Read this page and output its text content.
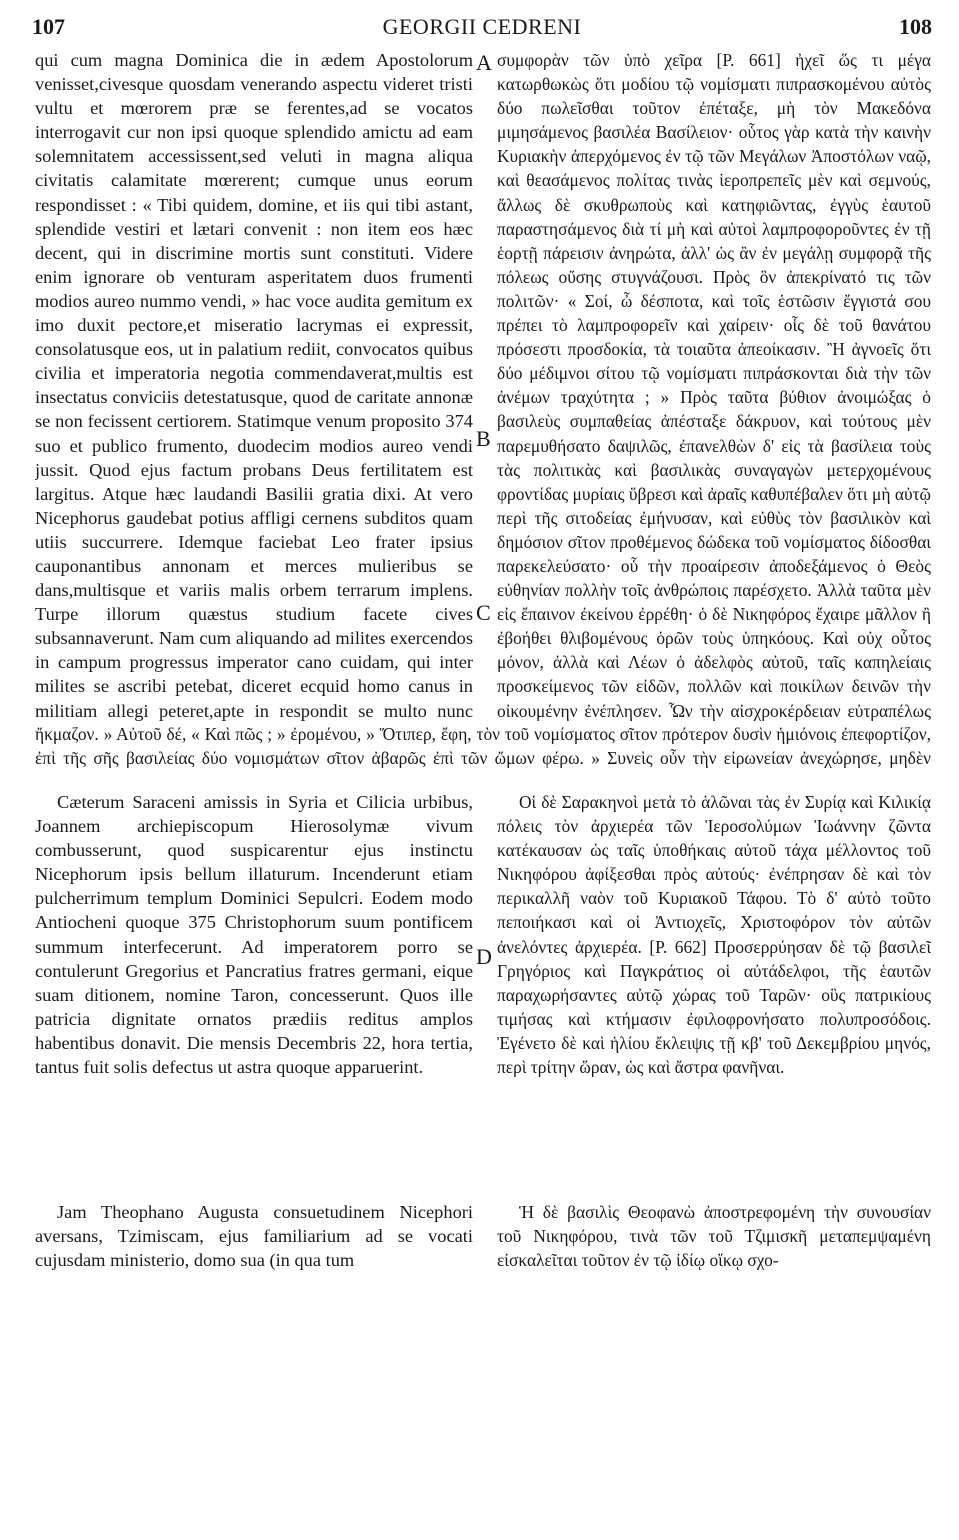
107	GEORGII CEDRENI	108
A
B
C
D

qui cum magna Dominica die in ædem Apostolorum venisset,civesque quosdam venerando aspectu videret tristi vultu et mœrorem præ se ferentes,ad se vocatos interrogavit cur non ipsi quoque splendido amictu ad eam solemnitatem accessissent,sed veluti in magna aliqua civitatis calamitate mœrerent; cumque unus eorum respondisset : « Tibi quidem, domine, et iis qui tibi astant, splendide vestiri et lætari convenit : non item eos hæc decent, qui in discrimine mortis sunt constituti. Videre enim ignorare ob venturam asperitatem duos frumenti modios aureo nummo vendi, » hac voce audita gemitum ex imo duxit pectore,et miseratio lacrymas ei expressit, consolatusque eos, ut in palatium rediit, convocatos quibus civilia et imperatoria negotia commendaverat,multis est insectatus conviciis detestatusque, quod de caritate annonæ se non fecissent certiorem. Statimque venum proposito 374 suo et publico frumento, duodecim modios aureo vendi jussit. Quod ejus factum probans Deus fertilitatem est largitus. Atque hæc laudandi Basilii gratia dixi. At vero Nicephorus gaudebat potius affligi cernens subditos quam utiis succurrere. Idemque faciebat Leo frater ipsius cauponantibus annonam et merces mulieribus se dans,multisque et variis malis orbem terrarum implens. Turpe illorum quæstus studium facete cives subsannaverunt. Nam cum aliquando ad milites exercendos in campum progressus imperator cano cuidam, qui inter milites se ascribi petebat, diceret ecquid homo canus in militiam allegi peteret,apte in respondit se multo nunc

συμφορὰν τῶν ὑπὸ χεῖρα [P. 661] ἠχεῖ ὥς τι μέγα κατωρθωκὼς ὅτι μοδίου τῷ νομίσματι πιπρασκομένου αὐτὸς δύο πωλεῖσθαι τοῦτον ἐπέταξε, μὴ τὸν Μακεδόνα μιμησάμενος βασιλέα Βασίλειον· οὗτος γὰρ κατὰ τὴν καινὴν Κυριακὴν ἀπερχόμενος ἐν τῷ τῶν Μεγάλων Ἀποστόλων ναῷ, καὶ θεασάμενος πολίτας τινὰς ἱεροπρεπεῖς μὲν καὶ σεμνούς, ἄλλως δὲ σκυθρωποὺς καὶ κατηφιῶντας, ἐγγὺς ἑαυτοῦ παραστησάμενος διὰ τί μὴ καὶ αὐτοὶ λαμπροφοροῦντες ἐν τῇ ἑορτῇ πάρεισιν ἀνηρώτα, ἀλλ' ὡς ἂν ἐν μεγάλῃ συμφορᾷ τῆς πόλεως οὔσης στυγνάζουσι. Πρὸς ὃν ἀπεκρίνατό τις τῶν πολιτῶν· « Σοί, ὦ δέσποτα, καὶ τοῖς ἑστῶσιν ἔγγιστά σου πρέπει τὸ λαμπροφορεῖν καὶ χαίρειν· οἷς δὲ τοῦ θανάτου πρόσεστι προσδοκία, τὰ τοιαῦτα ἀπεοίκασιν. Ἢ ἀγνοεῖς ὅτι δύο μέδιμνοι σίτου τῷ νομίσματι πιπράσκονται διὰ τὴν τῶν ἀνέμων τραχύτητα ; » Πρὸς ταῦτα βύθιον ἀνοιμώξας ὁ βασιλεὺς συμπαθείας ἀπέσταξε δάκρυον, καὶ τούτους μὲν παρεμυθήσατο δαψιλῶς, ἐπανελθὼν δ' εἰς τὰ βασίλεια τοὺς τὰς πολιτικὰς καὶ βασιλικὰς συναγαγὼν μετερχομένους φροντίδας μυρίαις ὕβρεσι καὶ ἀραῖς καθυπέβαλεν ὅτι μὴ αὐτῷ περὶ τῆς σιτοδείας ἐμήνυσαν, καὶ εὐθὺς τὸν βασιλικὸν καὶ δημόσιον σῖτον προθέμενος δώδεκα τοῦ νομίσματος δίδοσθαι παρεκελεύσατο· οὗ τὴν προαίρεσιν ἀποδεξάμενος ὁ Θεὸς εὐθηνίαν πολλὴν τοῖς ἀνθρώποις παρέσχετο. Ἀλλὰ ταῦτα μὲν εἰς ἔπαινον ἐκείνου ἐρρέθη· ὁ δὲ Νικηφόρος ἔχαιρε μᾶλλον ἢ ἐβοήθει θλιβομένους ὁρῶν τοὺς ὑπηκόους. Καὶ οὐχ οὗτος μόνον, ἀλλὰ καὶ Λέων ὁ ἀδελφὸς αὐτοῦ, ταῖς καπηλείαις προσκείμενος τῶν εἰδῶν, πολλῶν καὶ ποικίλων δεινῶν τὴν οἰκουμένην ἐνέπλησεν. Ὧν τὴν αἰσχροκέρδειαν εὐτραπέλως

ἤκμαζον. » Αὐτοῦ δέ, « Καὶ πῶς ; » ἐρομένου, » Ὅτιπερ, ἔφη, τὸν τοῦ νομίσματος σῖτον πρότερον δυσὶν ἡμιόνοις ἐπεφορτίζον, ἐπὶ τῆς σῆς βασιλείας δύο νομισμάτων σῖτον ἀβαρῶς ἐπὶ τῶν ὤμων φέρω. » Συνεὶς οὖν τὴν εἰρωνείαν ἀνεχώρησε, μηδὲν

Cæterum Saraceni amissis in Syria et Cilicia urbibus, Joannem archiepiscopum Hierosolymæ vivum combusserunt, quod suspicarentur ejus instinctu Nicephorum ipsis bellum illaturum. Incenderunt etiam pulcherrimum templum Dominici Sepulcri. Eodem modo Antiocheni quoque 375 Christophorum suum pontificem summum interfecerunt. Ad imperatorem porro se contulerunt Gregorius et Pancratius fratres germani, eique suam ditionem, nomine Taron, concesserunt. Quos ille patricia dignitate ornatos prædiis reditus amplos habentibus donavit. Die mensis Decembris 22, hora tertia, tantus fuit solis defectus ut astra quoque apparuerint.

Οἱ δὲ Σαρακηνοὶ μετὰ τὸ ἁλῶναι τὰς ἐν Συρίᾳ καὶ Κιλικίᾳ πόλεις τὸν ἀρχιερέα τῶν Ἱεροσολύμων Ἰωάννην ζῶντα κατέκαυσαν ὡς ταῖς ὑποθήκαις αὐτοῦ τάχα μέλλοντος τοῦ Νικηφόρου ἀφίξεσθαι πρὸς αὐτούς· ἐνέπρησαν δὲ καὶ τὸν περικαλλῆ ναὸν τοῦ Κυριακοῦ Τάφου. Τὸ δ' αὐτὸ τοῦτο πεποιήκασι καὶ οἱ Ἀντιοχεῖς, Χριστοφόρον τὸν αὐτῶν ἀνελόντες ἀρχιερέα. [P. 662] Προσερρύησαν δὲ τῷ βασιλεῖ Γρηγόριος καὶ Παγκράτιος οἱ αὐτάδελφοι, τῆς ἑαυτῶν παραχωρήσαντες αὐτῷ χώρας τοῦ Ταρῶν· οὓς πατρικίους τιμήσας καὶ κτήμασιν ἐφιλοφρονήσατο πολυπροσόδοις. Ἐγένετο δὲ καὶ ἡλίου ἔκλειψις τῇ κβ' τοῦ Δεκεμβρίου μηνός, περὶ τρίτην ὥραν, ὡς καὶ ἄστρα φανῆναι.

Jam Theophano Augusta consuetudinem Nicephori aversans, Tzimiscam, ejus familiarium ad se vocati cujusdam ministerio, domo sua (in qua tum

Ἡ δὲ βασιλὶς Θεοφανὼ ἀποστρεφομένη τὴν συνουσίαν τοῦ Νικηφόρου, τινὰ τῶν τοῦ Τζιμισκῆ μεταπεμψαμένη εἰσκαλεῖται τοῦτον ἐν τῷ ἰδίῳ οἴκῳ σχο-
